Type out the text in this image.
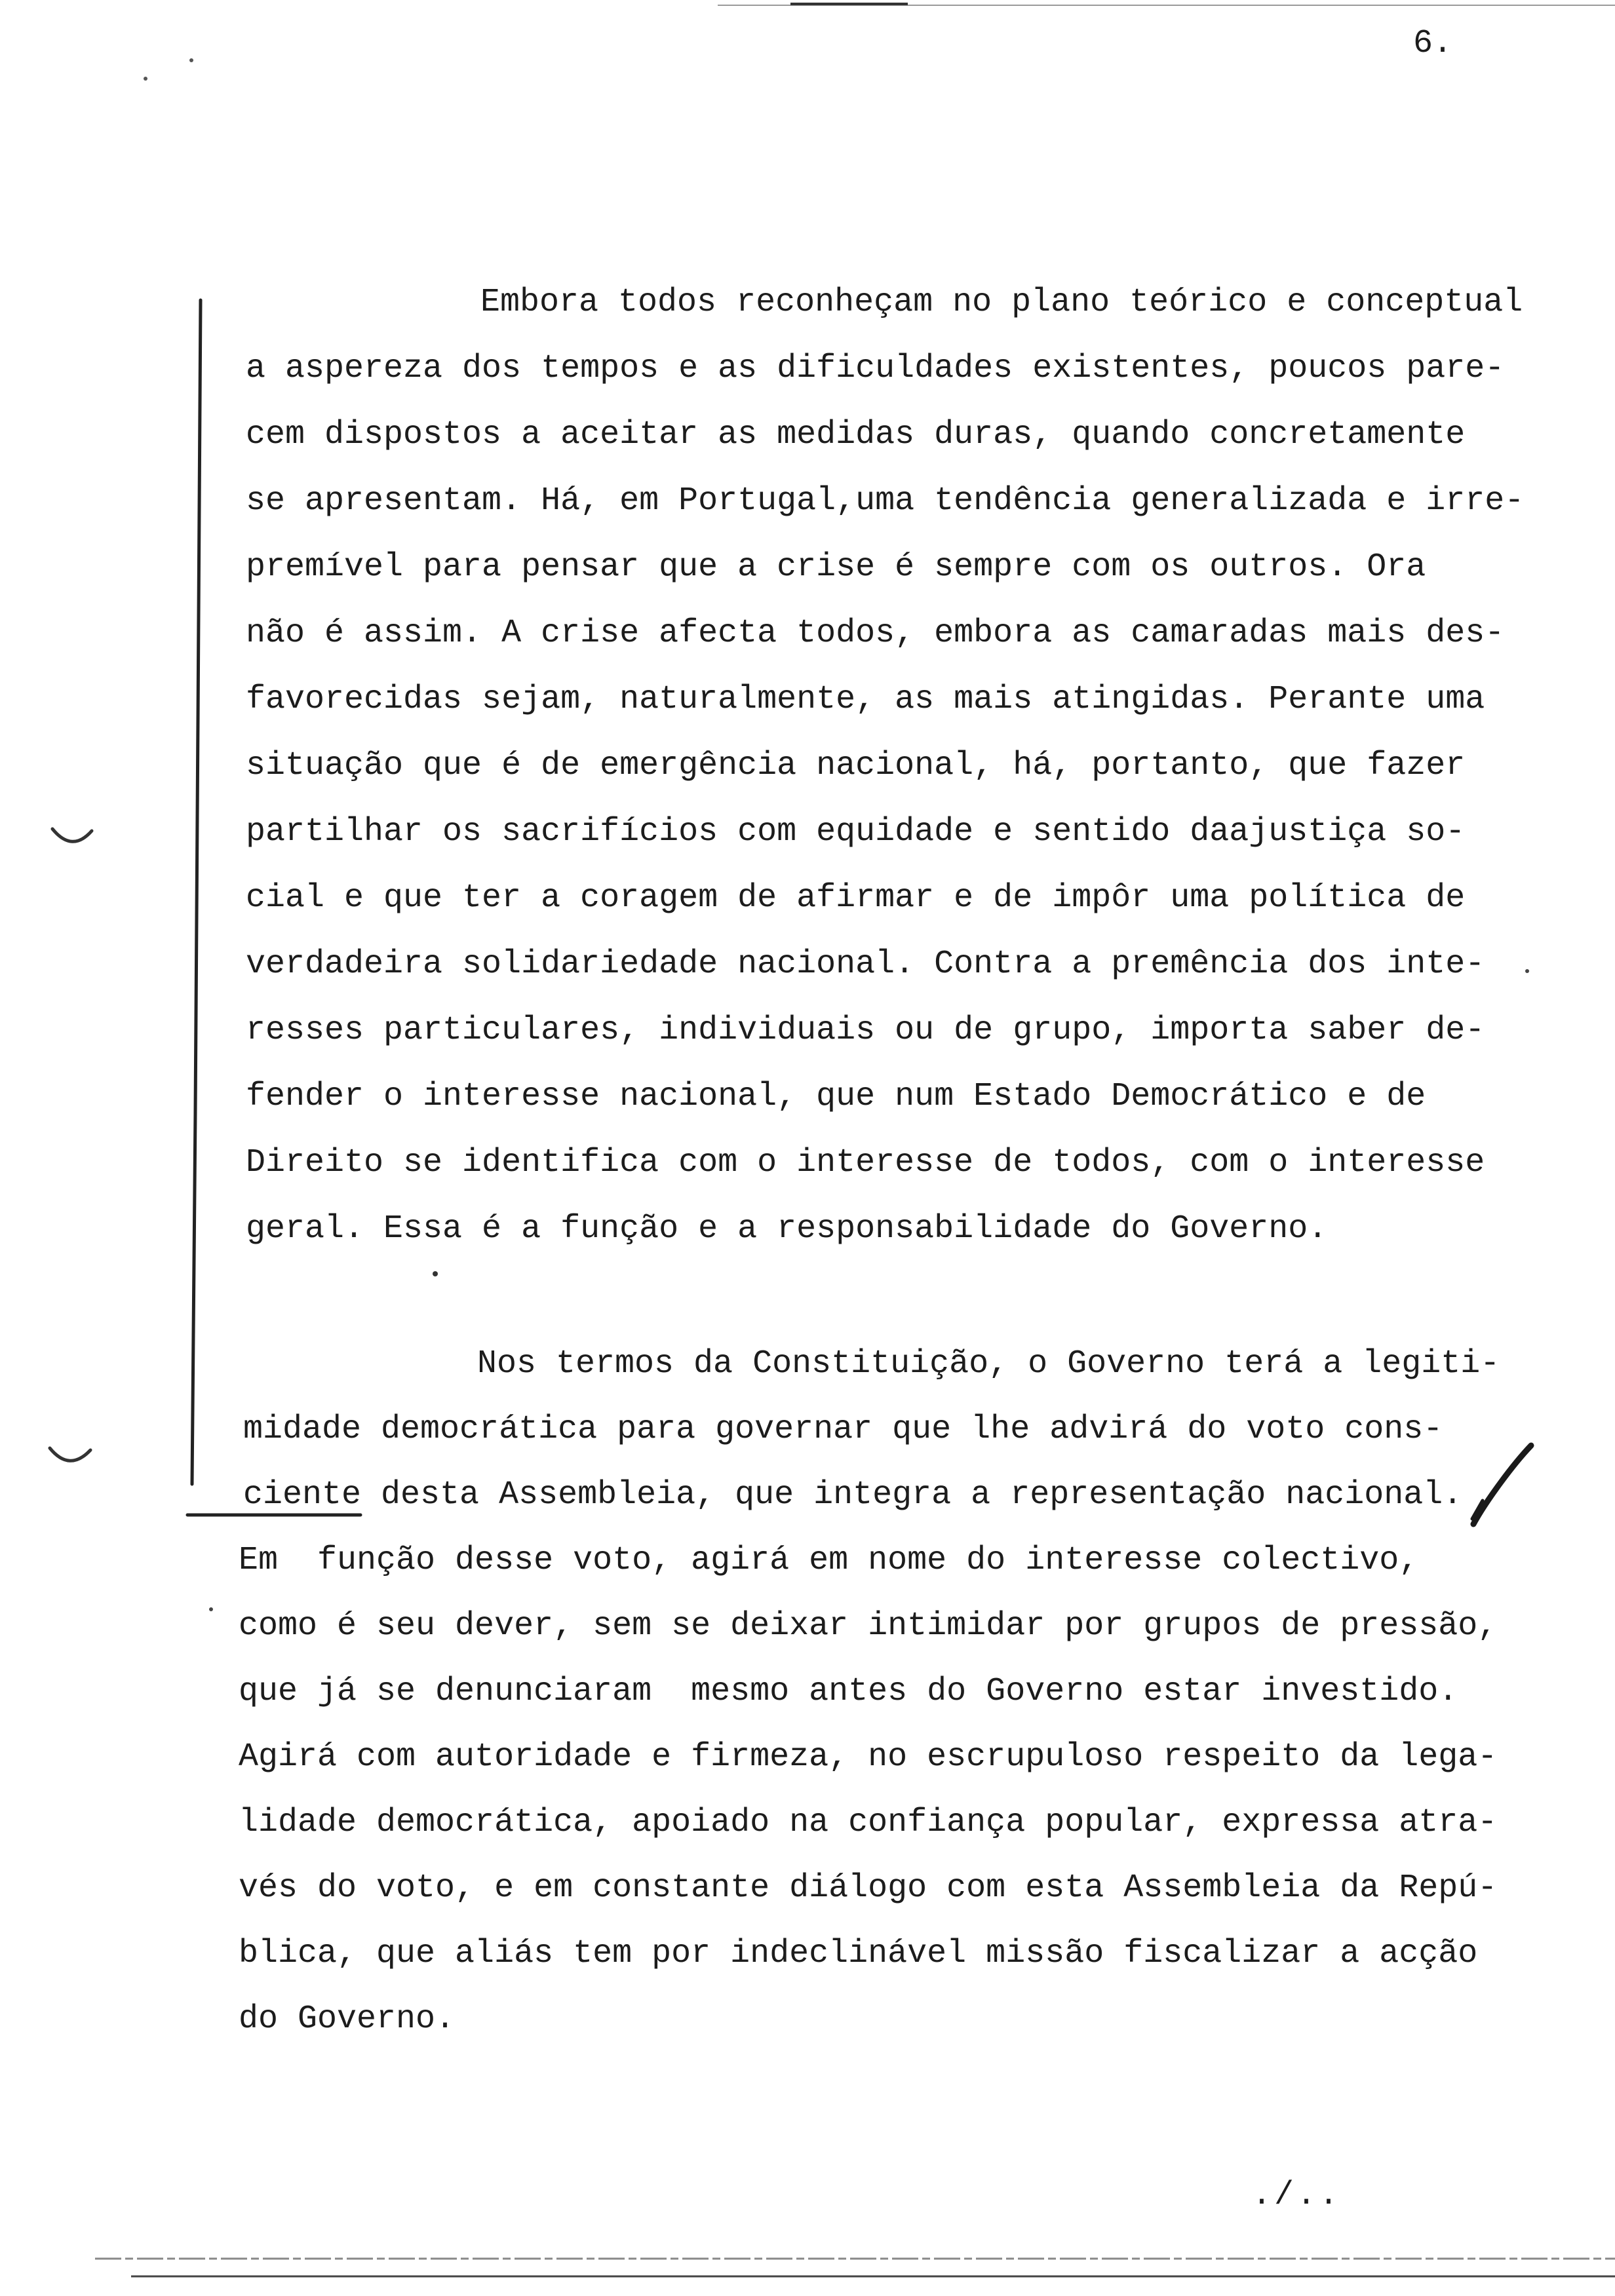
6.
Embora todos reconheçam no plano teórico e conceptual
a aspereza dos tempos e as dificuldades existentes, poucos pare-
cem dispostos a aceitar as medidas duras, quando concretamente
se apresentam. Há, em Portugal,uma tendência generalizada e irre-
premível para pensar que a crise é sempre com os outros. Ora
não é assim. A crise afecta todos, embora as camaradas mais des-
favorecidas sejam, naturalmente, as mais atingidas. Perante uma
situação que é de emergência nacional, há, portanto, que fazer
partilhar os sacrifícios com equidade e sentido daajustiça so-
cial e que ter a coragem de afirmar e de impôr uma política de
verdadeira solidariedade nacional. Contra a premência dos inte-
resses particulares, individuais ou de grupo, importa saber de-
fender o interesse nacional, que num Estado Democrático e de
Direito se identifica com o interesse de todos, com o interesse
geral. Essa é a função e a responsabilidade do Governo.
Nos termos da Constituição, o Governo terá a legiti-
midade democrática para governar que lhe advirá do voto cons-
ciente desta Assembleia, que integra a representação nacional.
Em  função desse voto, agirá em nome do interesse colectivo,
como é seu dever, sem se deixar intimidar por grupos de pressão,
que já se denunciaram  mesmo antes do Governo estar investido.
Agirá com autoridade e firmeza, no escrupuloso respeito da lega-
lidade democrática, apoiado na confiança popular, expressa atra-
vés do voto, e em constante diálogo com esta Assembleia da Repú-
blica, que aliás tem por indeclinável missão fiscalizar a acção
do Governo.
./..
